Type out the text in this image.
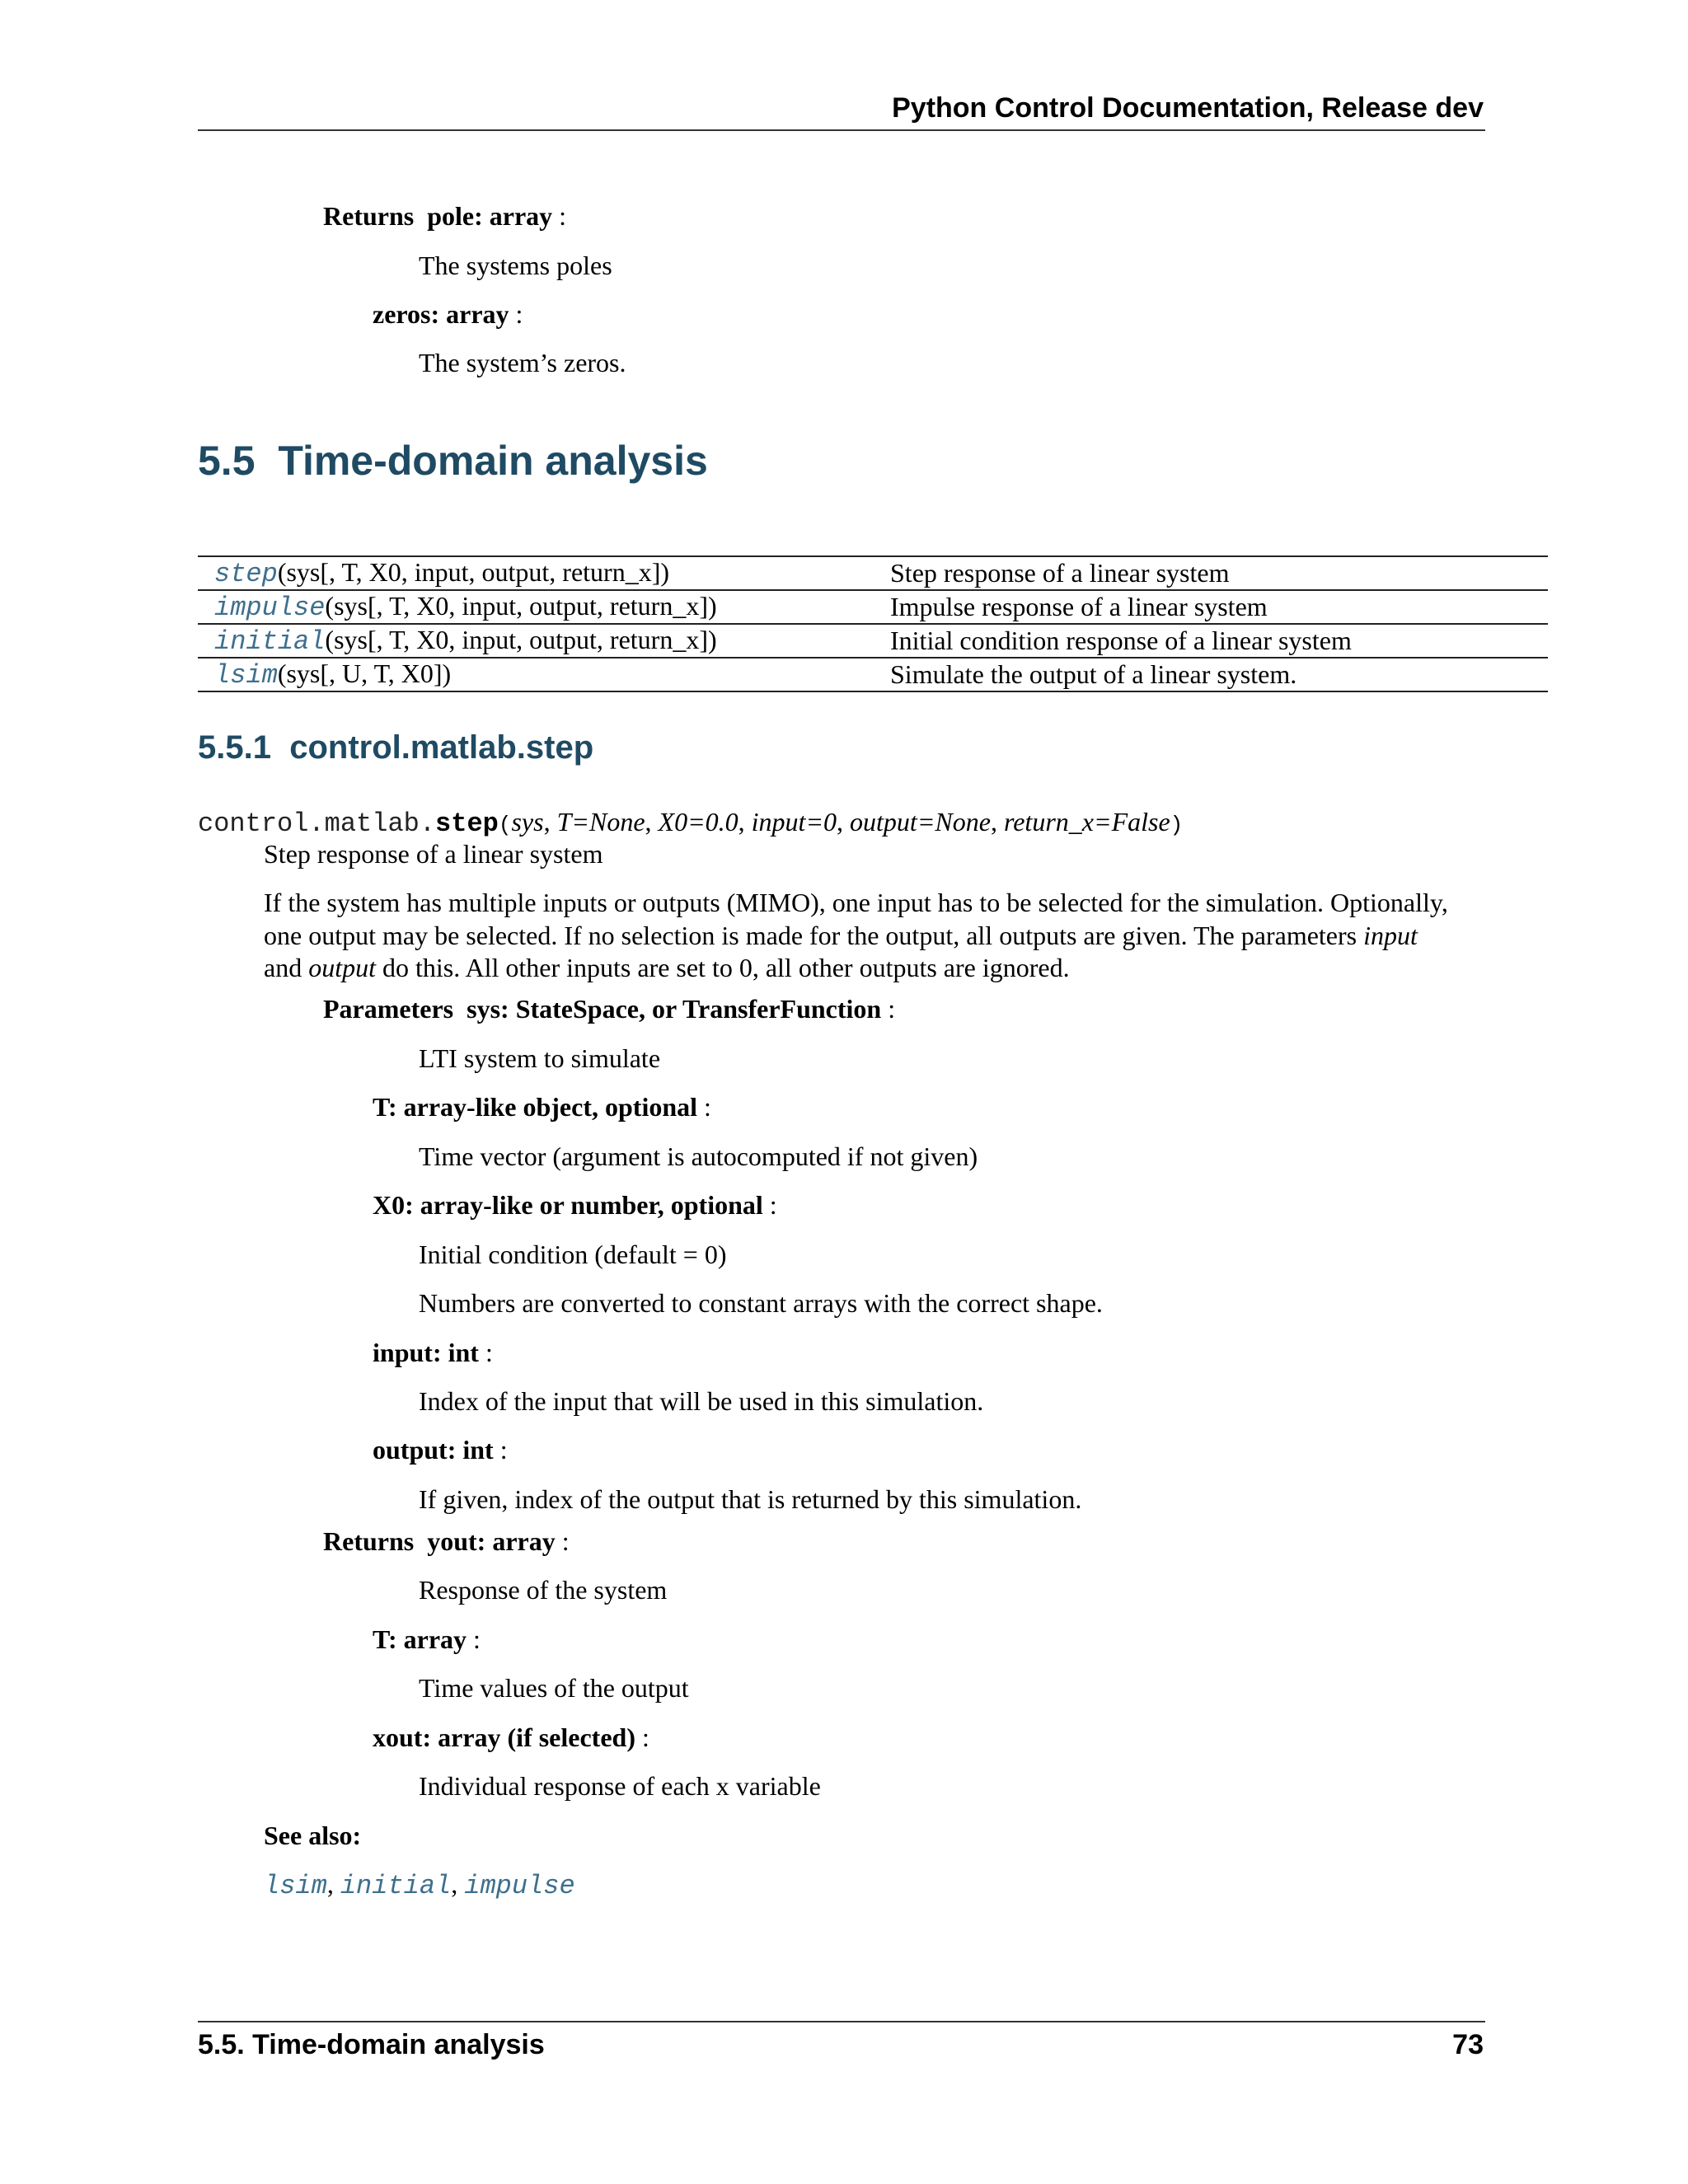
Python Control Documentation, Release dev
Returns pole: array :
The systems poles
zeros: array :
The system’s zeros.
5.5 Time-domain analysis
step(sys[, T, X0, input, output, return_x])	Step response of a linear system
impulse(sys[, T, X0, input, output, return_x])	Impulse response of a linear system
initial(sys[, T, X0, input, output, return_x])	Initial condition response of a linear system
lsim(sys[, U, T, X0])	Simulate the output of a linear system.
5.5.1 control.matlab.step
control.matlab.step(sys, T=None, X0=0.0, input=0, output=None, return_x=False)
Step response of a linear system
If the system has multiple inputs or outputs (MIMO), one input has to be selected for the simulation. Optionally,
one output may be selected. If no selection is made for the output, all outputs are given. The parameters input
and output do this. All other inputs are set to 0, all other outputs are ignored.
Parameters sys: StateSpace, or TransferFunction :
LTI system to simulate
T: array-like object, optional :
Time vector (argument is autocomputed if not given)
X0: array-like or number, optional :
Initial condition (default = 0)
Numbers are converted to constant arrays with the correct shape.
input: int :
Index of the input that will be used in this simulation.
output: int :
If given, index of the output that is returned by this simulation.
Returns yout: array :
Response of the system
T: array :
Time values of the output
xout: array (if selected) :
Individual response of each x variable
See also:
lsim, initial, impulse
5.5. Time-domain analysis	73
